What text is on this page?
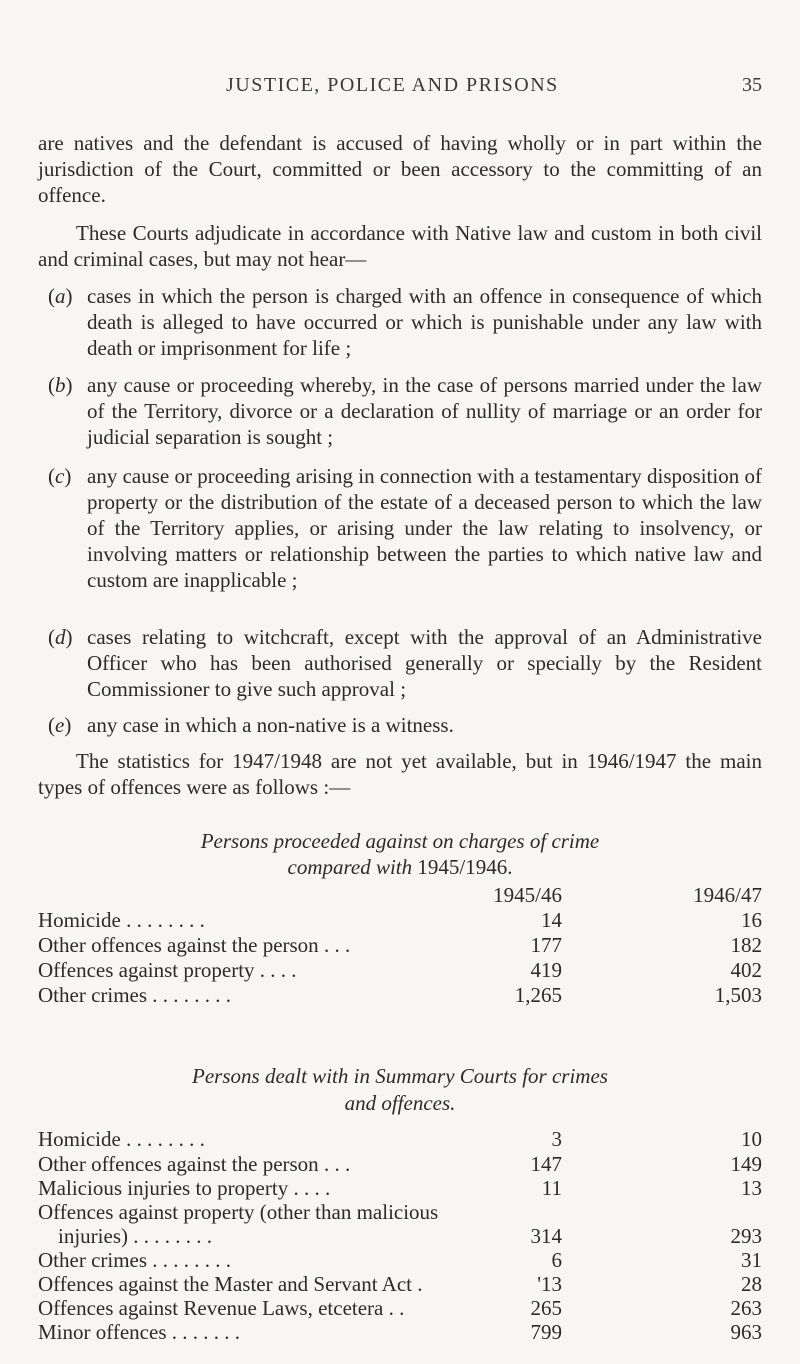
JUSTICE, POLICE AND PRISONS	35
are natives and the defendant is accused of having wholly or in part within the jurisdiction of the Court, committed or been accessory to the committing of an offence.
These Courts adjudicate in accordance with Native law and custom in both civil and criminal cases, but may not hear—
(a) cases in which the person is charged with an offence in consequence of which death is alleged to have occurred or which is punishable under any law with death or imprisonment for life ;
(b) any cause or proceeding whereby, in the case of persons married under the law of the Territory, divorce or a declaration of nullity of marriage or an order for judicial separation is sought ;
(c) any cause or proceeding arising in connection with a testamentary disposition of property or the distribution of the estate of a deceased person to which the law of the Territory applies, or arising under the law relating to insolvency, or involving matters or relationship between the parties to which native law and custom are inapplicable ;
(d) cases relating to witchcraft, except with the approval of an Administrative Officer who has been authorised generally or specially by the Resident Commissioner to give such approval ;
(e) any case in which a non-native is a witness.
The statistics for 1947/1948 are not yet available, but in 1946/1947 the main types of offences were as follows :—
Persons proceeded against on charges of crime
compared with 1945/1946.
1945/46	1946/47
Homicide . . . . . . . .	14	16
Other offences against the person . . .	177	182
Offences against property . . . .	419	402
Other crimes . . . . . . . .	1,265	1,503
Persons dealt with in Summary Courts for crimes
and offences.
Homicide . . . . . . . .	3	10
Other offences against the person . . .	147	149
Malicious injuries to property . . . .	11	13
Offences against property (other than malicious
injuries) . . . . . . . .	314	293
Other crimes . . . . . . . .	6	31
Offences against the Master and Servant Act .	'13	28
Offences against Revenue Laws, etcetera . .	265	263
Minor offences . . . . . . .	799	963
